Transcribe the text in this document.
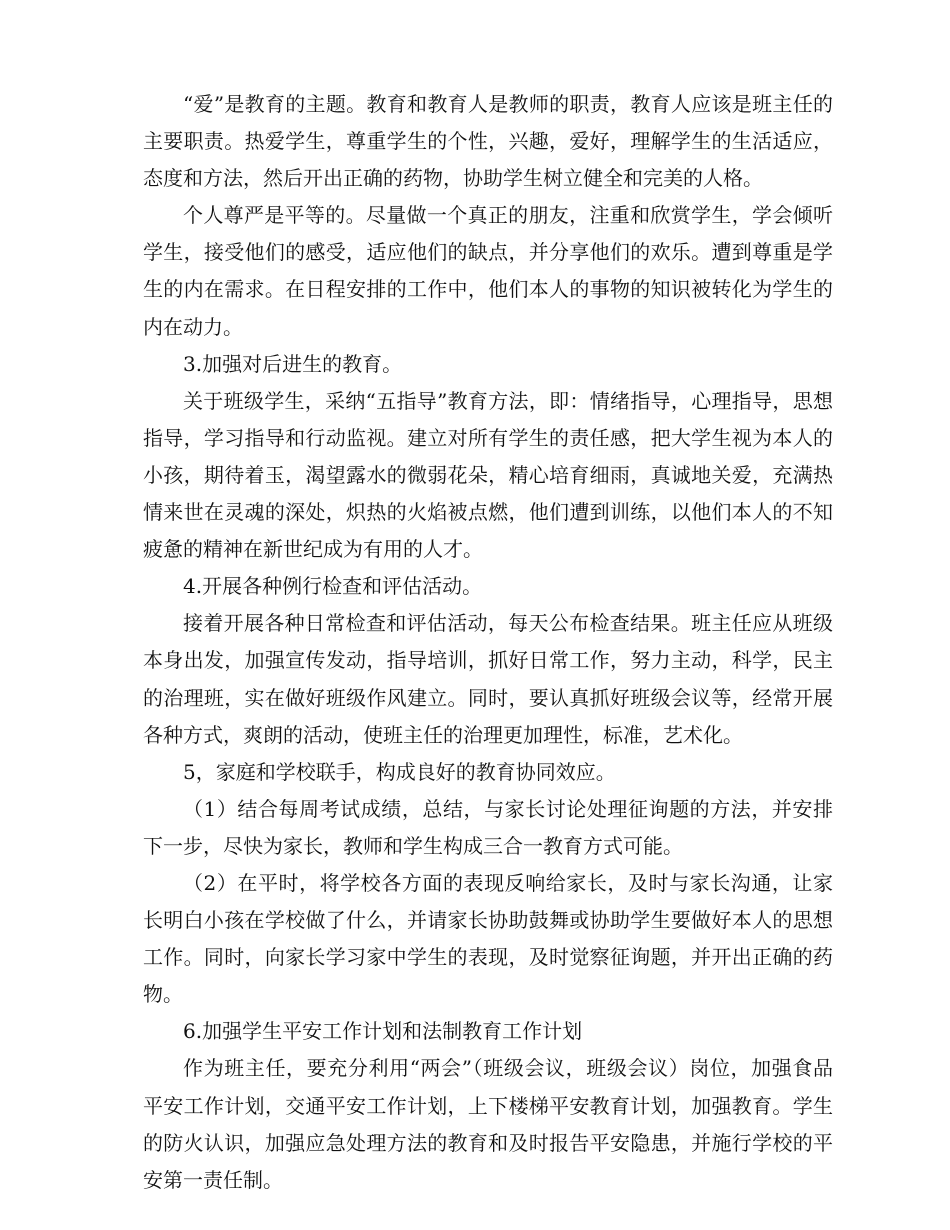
“爱”是教育的主题。教育和教育人是教师的职责，教育人应该是班主任的主要职责。热爱学生，尊重学生的个性，兴趣，爱好，理解学生的生活适应，态度和方法，然后开出正确的药物，协助学生树立健全和完美的人格。

个人尊严是平等的。尽量做一个真正的朋友，注重和欣赏学生，学会倾听学生，接受他们的感受，适应他们的缺点，并分享他们的欢乐。遭到尊重是学生的内在需求。在日程安排的工作中，他们本人的事物的知识被转化为学生的内在动力。

3.加强对后进生的教育。

关于班级学生，采纳“五指导”教育方法，即：情绪指导，心理指导，思想指导，学习指导和行动监视。建立对所有学生的责任感，把大学生视为本人的小孩，期待着玉，渴望露水的微弱花朵，精心培育细雨，真诚地关爱，充满热情来世在灵魂的深处，炽热的火焰被点燃，他们遭到训练，以他们本人的不知疲惫的精神在新世纪成为有用的人才。

4.开展各种例行检查和评估活动。

接着开展各种日常检查和评估活动，每天公布检查结果。班主任应从班级本身出发，加强宣传发动，指导培训，抓好日常工作，努力主动，科学，民主的治理班，实在做好班级作风建立。同时，要认真抓好班级会议等，经常开展各种方式，爽朗的活动，使班主任的治理更加理性，标准，艺术化。

5，家庭和学校联手，构成良好的教育协同效应。

（1）结合每周考试成绩，总结，与家长讨论处理征询题的方法，并安排下一步，尽快为家长，教师和学生构成三合一教育方式可能。

（2）在平时，将学校各方面的表现反响给家长，及时与家长沟通，让家长明白小孩在学校做了什么，并请家长协助鼓舞或协助学生要做好本人的思想工作。同时，向家长学习家中学生的表现，及时觉察征询题，并开出正确的药物。

6.加强学生平安工作计划和法制教育工作计划

作为班主任，要充分利用“两会”（班级会议，班级会议）岗位，加强食品平安工作计划，交通平安工作计划，上下楼梯平安教育计划，加强教育。学生的防火认识，加强应急处理方法的教育和及时报告平安隐患，并施行学校的平安第一责任制。
